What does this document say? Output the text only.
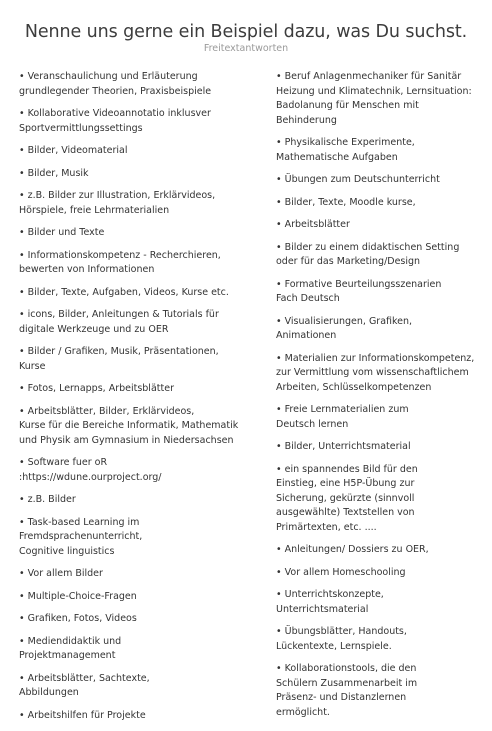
Nenne uns gerne ein Beispiel dazu, was Du suchst.
Freitextantworten
• Veranschaulichung und Erläuterung
grundlegender Theorien, Praxisbeispiele
• Kollaborative Videoannotatio inklusver
Sportvermittlungssettings
• Bilder, Videomaterial
• Bilder, Musik
• z.B. Bilder zur Illustration, Erklärvideos,
Hörspiele, freie Lehrmaterialien
• Bilder und Texte
• Informationskompetenz - Recherchieren,
bewerten von Informationen
• Bilder, Texte, Aufgaben, Videos, Kurse etc.
• icons, Bilder, Anleitungen & Tutorials für
digitale Werkzeuge und zu OER
• Bilder / Grafiken, Musik, Präsentationen,
Kurse
• Fotos, Lernapps, Arbeitsblätter
• Arbeitsblätter, Bilder, Erklärvideos,
Kurse für die Bereiche Informatik, Mathematik
und Physik am Gymnasium in Niedersachsen
• Software fuer oR
:https://wdune.ourproject.org/
• z.B. Bilder
• Task-based Learning im
Fremdsprachenunterricht,
Cognitive linguistics
• Vor allem Bilder
• Multiple-Choice-Fragen
• Grafiken, Fotos, Videos
• Mediendidaktik und
Projektmanagement
• Arbeitsblätter, Sachtexte,
Abbildungen
• Arbeitshilfen für Projekte
• Beruf Anlagenmechaniker für Sanitär
Heizung und Klimatechnik, Lernsituation:
Badolanung für Menschen mit Behinderung
• Physikalische Experimente,
Mathematische Aufgaben
• Übungen zum Deutschunterricht
• Bilder, Texte, Moodle kurse,
• Arbeitsblätter
• Bilder zu einem didaktischen Setting
oder für das Marketing/Design
• Formative Beurteilungsszenarien
Fach Deutsch
• Visualisierungen, Grafiken,
Animationen
• Materialien zur Informationskompetenz,
zur Vermittlung vom wissenschaftlichem
Arbeiten, Schlüsselkompetenzen
• Freie Lernmaterialien zum
Deutsch lernen
• Bilder, Unterrichtsmaterial
• ein spannendes Bild für den
Einstieg, eine H5P-Übung zur
Sicherung, gekürzte (sinnvoll
ausgewählte) Textstellen von
Primärtexten, etc. ....
• Anleitungen/ Dossiers zu OER,
• Vor allem Homeschooling
• Unterrichtskonzepte,
Unterrichtsmaterial
• Übungsblätter, Handouts,
Lückentexte, Lernspiele.
• Kollaborationstools, die den
Schülern Zusammenarbeit im
Präsenz- und Distanzlernen
ermöglicht.
